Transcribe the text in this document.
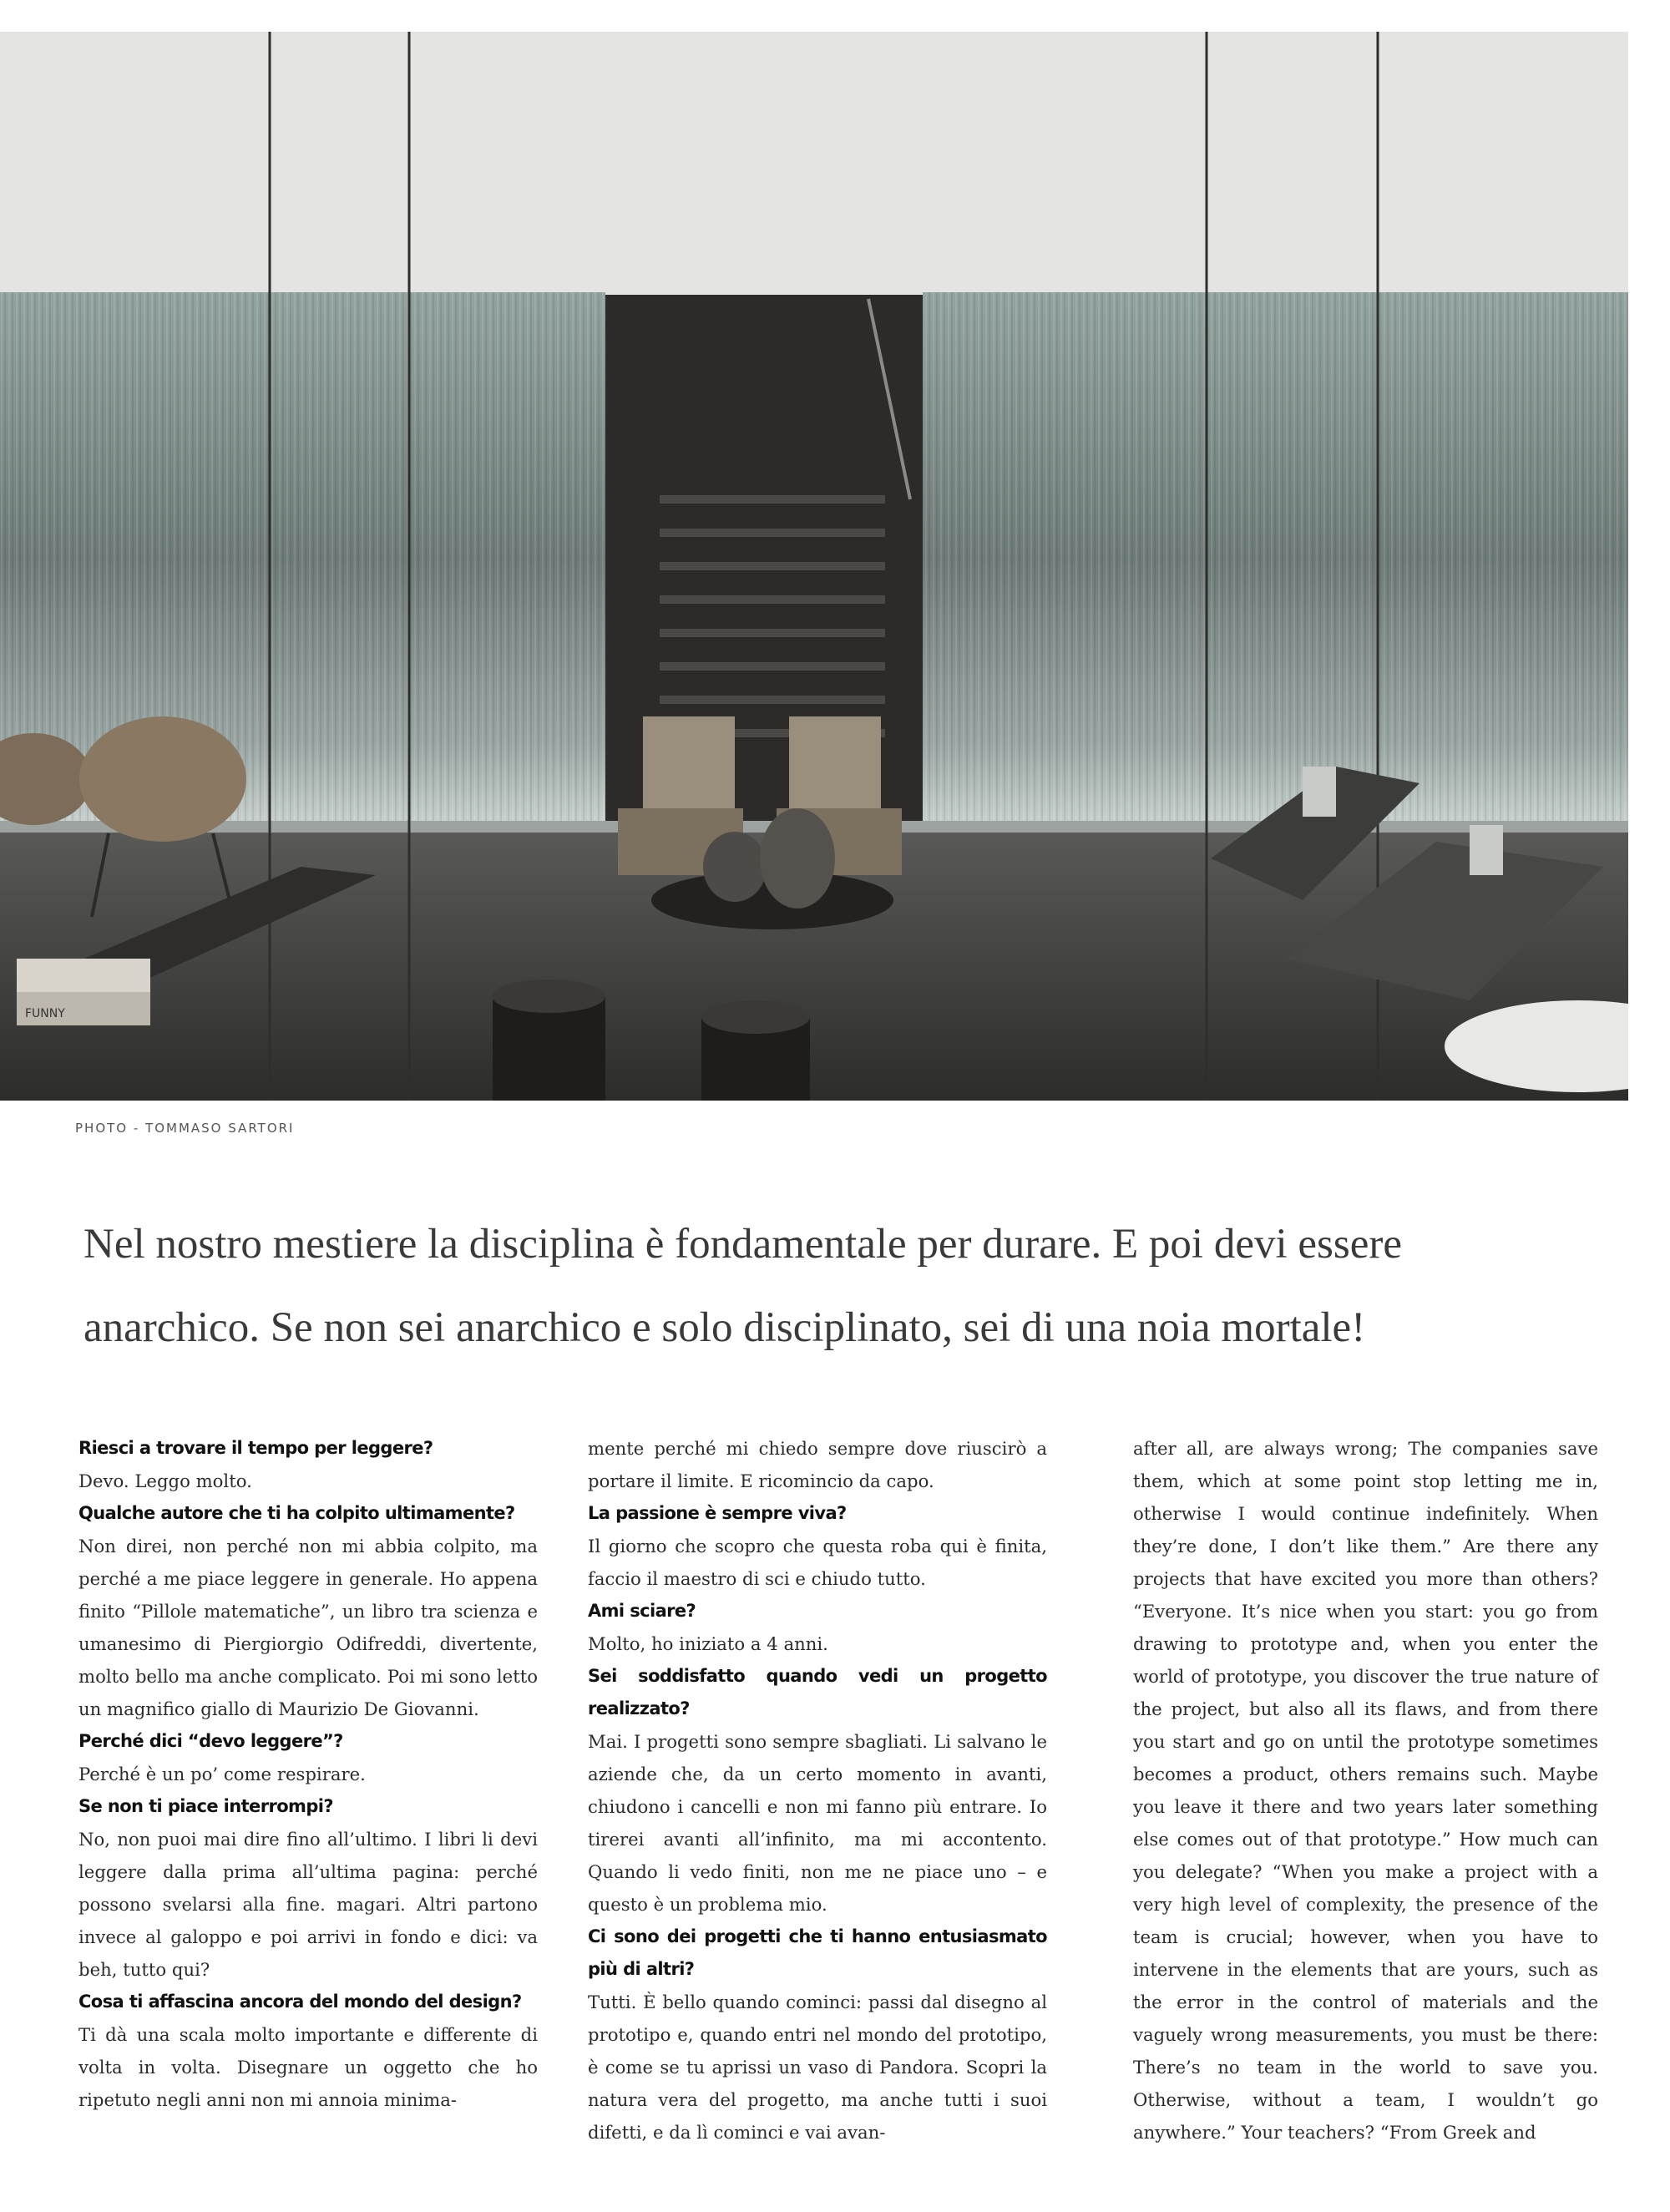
FUNNY
PHOTO - TOMMASO SARTORI

Nel nostro mestiere la disciplina è fondamentale per durare. E poi devi essere

anarchico. Se non sei anarchico e solo disciplinato, sei di una noia mortale!

Riesci a trovare il tempo per leggere?

Devo. Leggo molto.

Qualche autore che ti ha colpito ultimamente?

Non direi, non perché non mi abbia colpito, ma perché a me piace leggere in generale. Ho appena finito “Pillole matematiche”, un libro tra scienza e umanesimo di Piergiorgio Odifreddi, divertente, molto bello ma anche complicato. Poi mi sono letto un magnifico giallo di Maurizio De Giovanni.

Perché dici “devo leggere”?

Perché è un po’ come respirare.

Se non ti piace interrompi?

No, non puoi mai dire fino all’ultimo. I libri li devi leggere dalla prima all’ultima pagina: perché possono svelarsi alla fine. magari. Altri partono invece al galoppo e poi arrivi in fondo e dici: va beh, tutto qui?

Cosa ti affascina ancora del mondo del design?

Ti dà una scala molto importante e differente di volta in volta. Disegnare un oggetto che ho ripetuto negli anni non mi annoia minima-

mente perché mi chiedo sempre dove riuscirò a portare il limite. E ricomincio da capo.

La passione è sempre viva?

Il giorno che scopro che questa roba qui è finita, faccio il maestro di sci e chiudo tutto.

Ami sciare?

Molto, ho iniziato a 4 anni.

Sei soddisfatto quando vedi un progetto realizzato?

Mai. I progetti sono sempre sbagliati. Li salvano le aziende che, da un certo momento in avanti, chiudono i cancelli e non mi fanno più entrare. Io tirerei avanti all’infinito, ma mi accontento. Quando li vedo finiti, non me ne piace uno – e questo è un problema mio.

Ci sono dei progetti che ti hanno entusiasmato più di altri?

Tutti. È bello quando cominci: passi dal disegno al prototipo e, quando entri nel mondo del prototipo, è come se tu aprissi un vaso di Pandora. Scopri la natura vera del progetto, ma anche tutti i suoi difetti, e da lì cominci e vai avan-

after all, are always wrong; The companies save them, which at some point stop letting me in, otherwise I would continue indefinitely. When they’re done, I don’t like them.” Are there any projects that have excited you more than others? “Everyone. It’s nice when you start: you go from drawing to prototype and, when you enter the world of prototype, you discover the true nature of the project, but also all its flaws, and from there you start and go on until the prototype sometimes becomes a product, others remains such. Maybe you leave it there and two years later something else comes out of that prototype.” How much can you delegate? “When you make a project with a very high level of complexity, the presence of the team is crucial; however, when you have to intervene in the elements that are yours, such as the error in the control of materials and the vaguely wrong measurements, you must be there: There’s no team in the world to save you. Otherwise, without a team, I wouldn’t go anywhere.” Your teachers? “From Greek and
